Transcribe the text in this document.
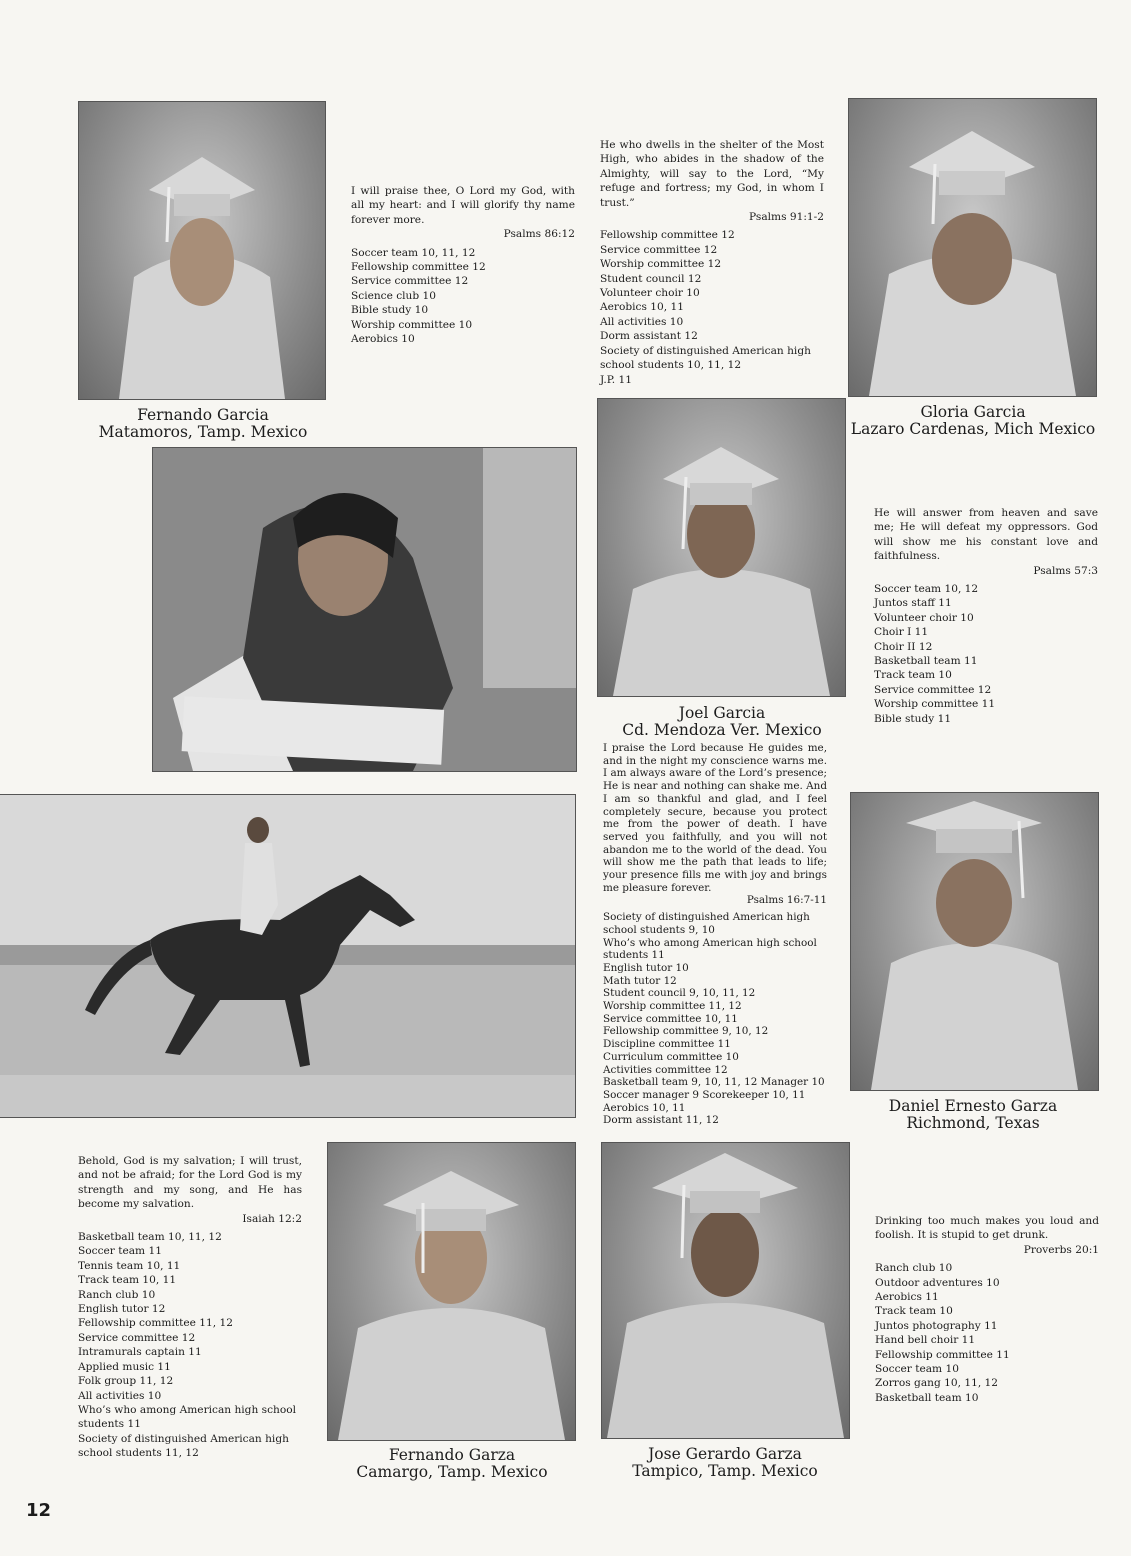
Fernando Garcia
Matamoros, Tamp. Mexico
Gloria Garcia
Lazaro Cardenas, Mich Mexico
Joel Garcia
Cd. Mendoza Ver. Mexico
Daniel Ernesto Garza
Richmond, Texas
Fernando Garza
Camargo, Tamp. Mexico
Jose Gerardo Garza
Tampico, Tamp. Mexico
I will praise thee, O Lord my God, with all my heart: and I will glorify thy name forever more.
Psalms 86:12
Soccer team 10, 11, 12
Fellowship committee 12
Service committee 12
Science club 10
Bible study 10
Worship committee 10
Aerobics 10
He who dwells in the shelter of the Most High, who abides in the shadow of the Almighty, will say to the Lord, “My refuge and fortress; my God, in whom I trust.”
Psalms 91:1-2
Fellowship committee 12
Service committee 12
Worship committee 12
Student council 12
Volunteer choir 10
Aerobics 10, 11
All activities 10
Dorm assistant 12
Society of distinguished American high school students 10, 11, 12
J.P. 11
He will answer from heaven and save me; He will defeat my oppressors. God will show me his constant love and faithfulness.
Psalms 57:3
Soccer team 10, 12
Juntos staff 11
Volunteer choir 10
Choir I 11
Choir II 12
Basketball team 11
Track team 10
Service committee 12
Worship committee 11
Bible study 11
I praise the Lord because He guides me, and in the night my conscience warns me. I am always aware of the Lord’s presence; He is near and nothing can shake me. And I am so thankful and glad, and I feel completely secure, because you protect me from the power of death. I have served you faithfully, and you will not abandon me to the world of the dead. You will show me the path that leads to life; your presence fills me with joy and brings me pleasure forever.
Psalms 16:7-11
Society of distinguished American high school students 9, 10
Who’s who among American high school students 11
English tutor 10
Math tutor 12
Student council 9, 10, 11, 12
Worship committee 11, 12
Service committee 10, 11
Fellowship committee 9, 10, 12
Discipline committee 11
Curriculum committee 10
Activities committee 12
Basketball team 9, 10, 11, 12 Manager 10
Soccer manager 9 Scorekeeper 10, 11
Aerobics 10, 11
Dorm assistant 11, 12
Behold, God is my salvation; I will trust, and not be afraid; for the Lord God is my strength and my song, and He has become my salvation.
Isaiah 12:2
Basketball team 10, 11, 12
Soccer team 11
Tennis team 10, 11
Track team 10, 11
Ranch club 10
English tutor 12
Fellowship committee 11, 12
Service committee 12
Intramurals captain 11
Applied music 11
Folk group 11, 12
All activities 10
Who’s who among American high school students 11
Society of distinguished American high school students 11, 12
Drinking too much makes you loud and foolish. It is stupid to get drunk.
Proverbs 20:1
Ranch club 10
Outdoor adventures 10
Aerobics 11
Track team 10
Juntos photography 11
Hand bell choir 11
Fellowship committee 11
Soccer team 10
Zorros gang 10, 11, 12
Basketball team 10
12
